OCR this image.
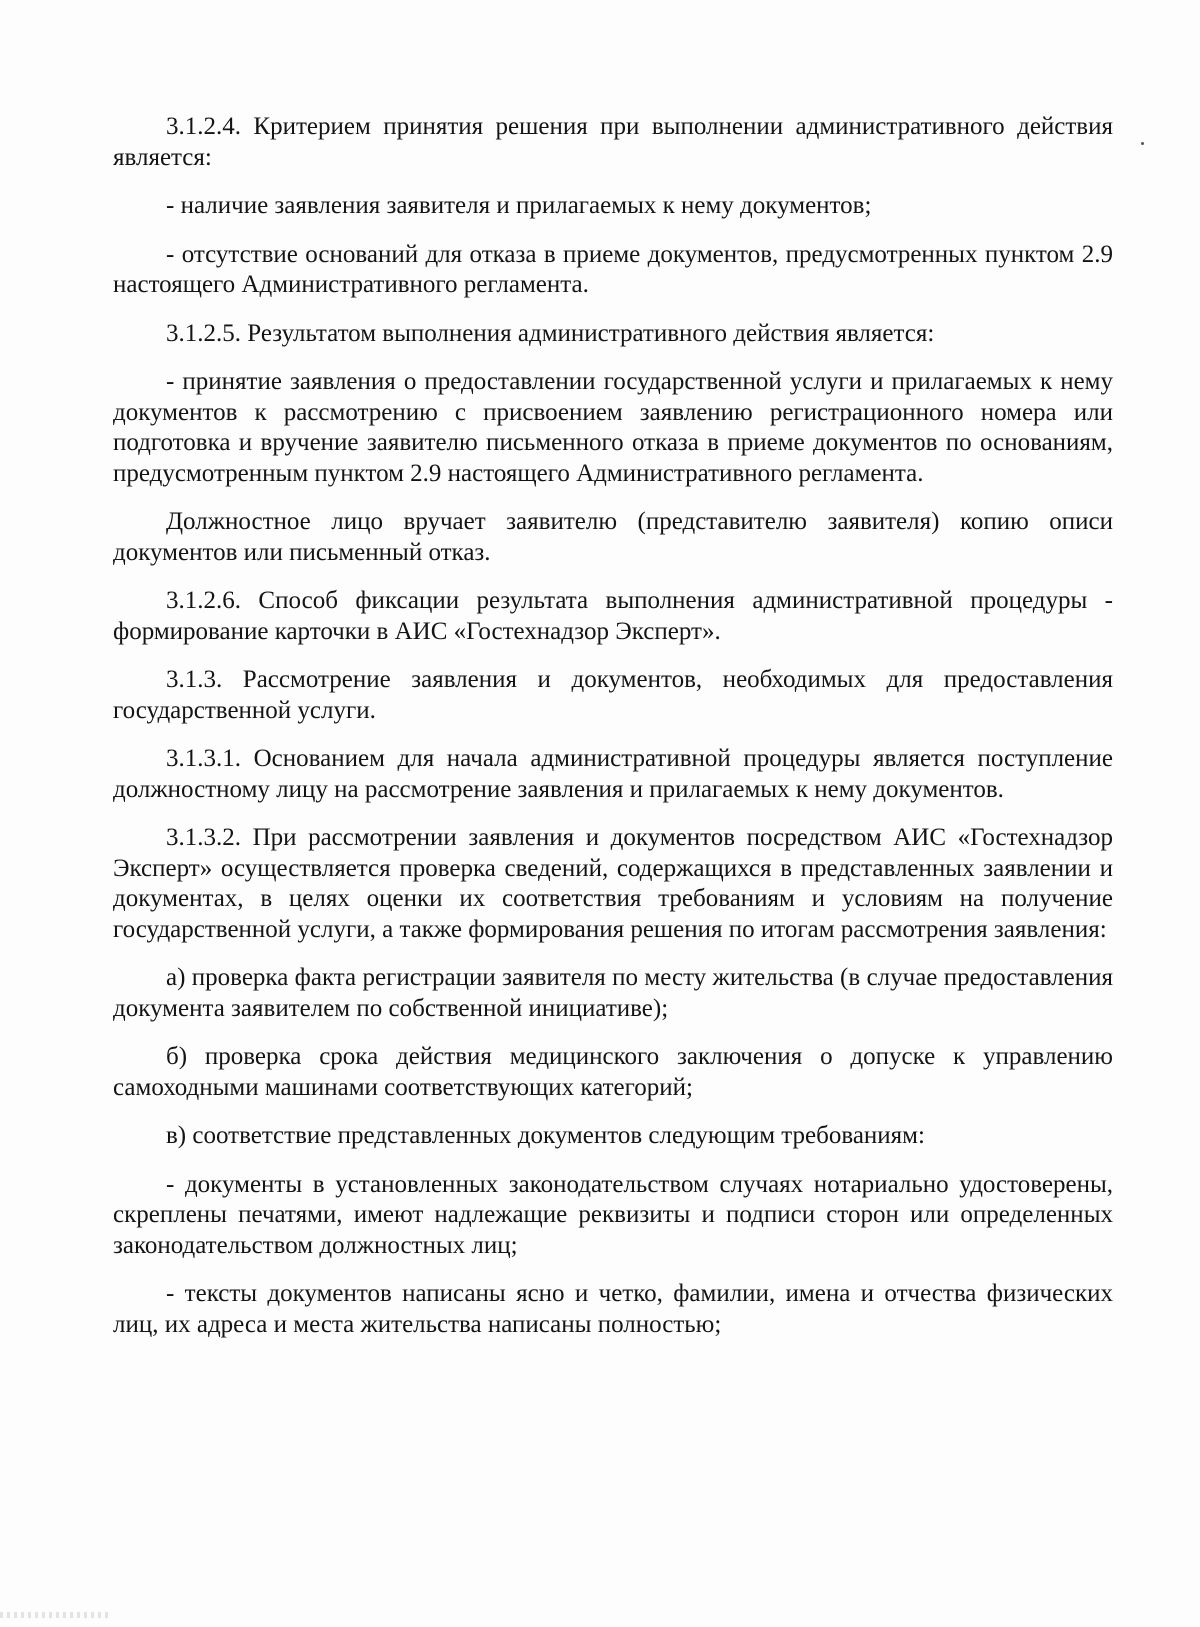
3.1.2.4. Критерием принятия решения при выполнении административного действия является:

- наличие заявления заявителя и прилагаемых к нему документов;

- отсутствие оснований для отказа в приеме документов, предусмотренных пунктом 2.9 настоящего Административного регламента.

3.1.2.5. Результатом выполнения административного действия является:

- принятие заявления о предоставлении государственной услуги и прилагаемых к нему документов к рассмотрению с присвоением заявлению регистрационного номера или подготовка и вручение заявителю письменного отказа в приеме документов по основаниям, предусмотренным пунктом 2.9 настоящего Административного регламента.

Должностное лицо вручает заявителю (представителю заявителя) копию описи документов или письменный отказ.

3.1.2.6. Способ фиксации результата выполнения административной процедуры - формирование карточки в АИС «Гостехнадзор Эксперт».

3.1.3. Рассмотрение заявления и документов, необходимых для предоставления государственной услуги.

3.1.3.1. Основанием для начала административной процедуры является поступление должностному лицу на рассмотрение заявления и прилагаемых к нему документов.

3.1.3.2. При рассмотрении заявления и документов посредством АИС «Гостехнадзор Эксперт» осуществляется проверка сведений, содержащихся в представленных заявлении и документах, в целях оценки их соответствия требованиям и условиям на получение государственной услуги, а также формирования решения по итогам рассмотрения заявления:

а) проверка факта регистрации заявителя по месту жительства (в случае предоставления документа заявителем по собственной инициативе);

б) проверка срока действия медицинского заключения о допуске к управлению самоходными машинами соответствующих категорий;

в) соответствие представленных документов следующим требованиям:

- документы в установленных законодательством случаях нотариально удостоверены, скреплены печатями, имеют надлежащие реквизиты и подписи сторон или определенных законодательством должностных лиц;

- тексты документов написаны ясно и четко, фамилии, имена и отчества физических лиц, их адреса и места жительства написаны полностью;
